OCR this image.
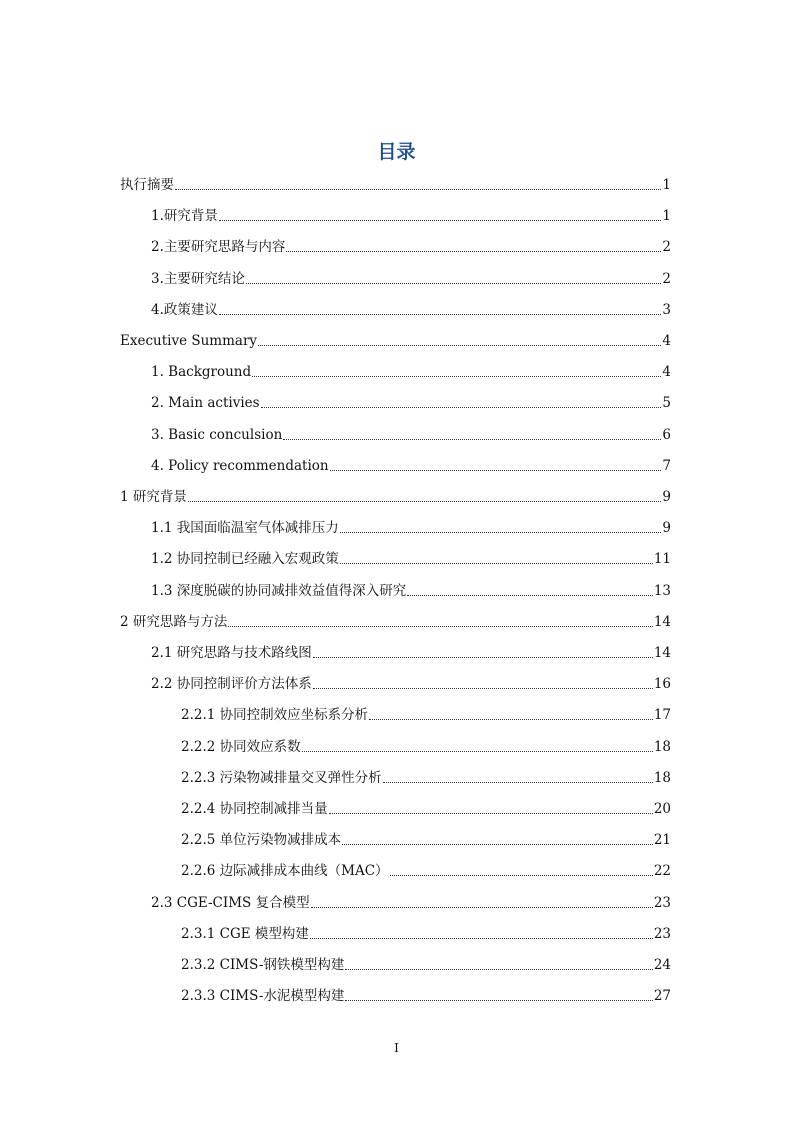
目录
执行摘要	1
1.研究背景	1
2.主要研究思路与内容	2
3.主要研究结论	2
4.政策建议	3
Executive Summary	4
1. Background	4
2. Main activies	5
3. Basic conculsion	6
4. Policy recommendation	7
1 研究背景	9
1.1 我国面临温室气体减排压力	9
1.2 协同控制已经融入宏观政策	11
1.3 深度脱碳的协同减排效益值得深入研究	13
2 研究思路与方法	14
2.1 研究思路与技术路线图	14
2.2 协同控制评价方法体系	16
2.2.1 协同控制效应坐标系分析	17
2.2.2 协同效应系数	18
2.2.3 污染物减排量交叉弹性分析	18
2.2.4 协同控制减排当量	20
2.2.5 单位污染物减排成本	21
2.2.6 边际减排成本曲线（MAC）	22
2.3 CGE-CIMS 复合模型	23
2.3.1 CGE 模型构建	23
2.3.2 CIMS-钢铁模型构建	24
2.3.3 CIMS-水泥模型构建	27
I
